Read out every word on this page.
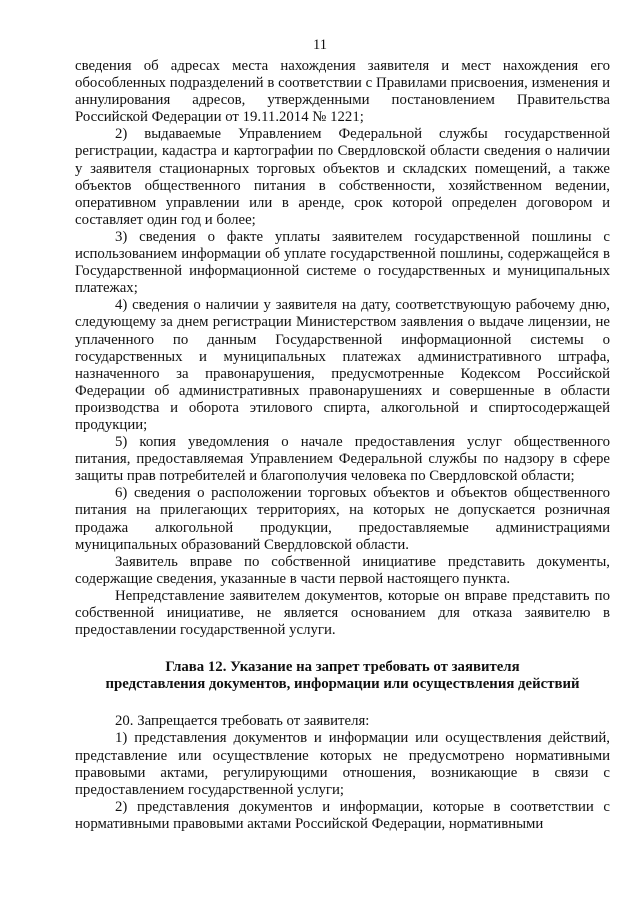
11

сведения об адресах места нахождения заявителя и мест нахождения его обособленных подразделений в соответствии с Правилами присвоения, изменения и аннулирования адресов, утвержденными постановлением Правительства Российской Федерации от 19.11.2014 № 1221;

2) выдаваемые Управлением Федеральной службы государственной регистрации, кадастра и картографии по Свердловской области сведения о наличии у заявителя стационарных торговых объектов и складских помещений, а также объектов общественного питания в собственности, хозяйственном ведении, оперативном управлении или в аренде, срок которой определен договором и составляет один год и более;

3) сведения о факте уплаты заявителем государственной пошлины с использованием информации об уплате государственной пошлины, содержащейся в Государственной информационной системе о государственных и муниципальных платежах;

4) сведения о наличии у заявителя на дату, соответствующую рабочему дню, следующему за днем регистрации Министерством заявления о выдаче лицензии, не уплаченного по данным Государственной информационной системы о государственных и муниципальных платежах административного штрафа, назначенного за правонарушения, предусмотренные Кодексом Российской Федерации об административных правонарушениях и совершенные в области производства и оборота этилового спирта, алкогольной и спиртосодержащей продукции;

5) копия уведомления о начале предоставления услуг общественного питания, предоставляемая Управлением Федеральной службы по надзору в сфере защиты прав потребителей и благополучия человека по Свердловской области;

6) сведения о расположении торговых объектов и объектов общественного питания на прилегающих территориях, на которых не допускается розничная продажа алкогольной продукции, предоставляемые администрациями муниципальных образований Свердловской области.

Заявитель вправе по собственной инициативе представить документы, содержащие сведения, указанные в части первой настоящего пункта.

Непредставление заявителем документов, которые он вправе представить по собственной инициативе, не является основанием для отказа заявителю в предоставлении государственной услуги.

Глава 12. Указание на запрет требовать от заявителя
представления документов, информации или осуществления действий

20. Запрещается требовать от заявителя:

1) представления документов и информации или осуществления действий, представление или осуществление которых не предусмотрено нормативными правовыми актами, регулирующими отношения, возникающие в связи с предоставлением государственной услуги;

2) представления документов и информации, которые в соответствии с нормативными правовыми актами Российской Федерации, нормативными
